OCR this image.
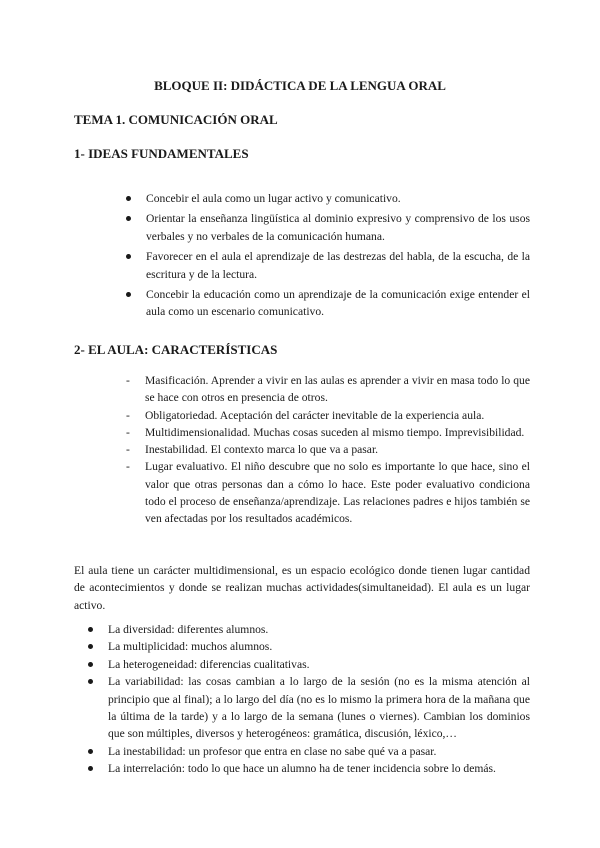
BLOQUE II: DIDÁCTICA DE LA LENGUA ORAL
TEMA 1. COMUNICACIÓN ORAL
1- IDEAS FUNDAMENTALES
Concebir el aula como un lugar activo y comunicativo.
Orientar la enseñanza lingüística al dominio expresivo y comprensivo de los usos verbales y no verbales de la comunicación humana.
Favorecer en el aula el aprendizaje de las destrezas del habla, de la escucha, de la escritura y de la lectura.
Concebir la educación como un aprendizaje de la comunicación exige entender el aula como un escenario comunicativo.
2- EL AULA: CARACTERÍSTICAS
- Masificación. Aprender a vivir en las aulas es aprender a vivir en masa todo lo que se hace con otros en presencia de otros.
- Obligatoriedad. Aceptación del carácter inevitable de la experiencia aula.
- Multidimensionalidad. Muchas cosas suceden al mismo tiempo. Imprevisibilidad.
- Inestabilidad. El contexto marca lo que va a pasar.
- Lugar evaluativo. El niño descubre que no solo es importante lo que hace, sino el valor que otras personas dan a cómo lo hace. Este poder evaluativo condiciona todo el proceso de enseñanza/aprendizaje. Las relaciones padres e hijos también se ven afectadas por los resultados académicos.

El aula tiene un carácter multidimensional, es un espacio ecológico donde tienen lugar cantidad de acontecimientos y donde se realizan muchas actividades(simultaneidad). El aula es un lugar activo.

La diversidad: diferentes alumnos.
La multiplicidad: muchos alumnos.
La heterogeneidad: diferencias cualitativas.
La variabilidad: las cosas cambian a lo largo de la sesión (no es la misma atención al principio que al final); a lo largo del día (no es lo mismo la primera hora de la mañana que la última de la tarde) y a lo largo de la semana (lunes o viernes). Cambian los dominios que son múltiples, diversos y heterogéneos: gramática, discusión, léxico,…
La inestabilidad: un profesor que entra en clase no sabe qué va a pasar.
La interrelación: todo lo que hace un alumno ha de tener incidencia sobre lo demás.
